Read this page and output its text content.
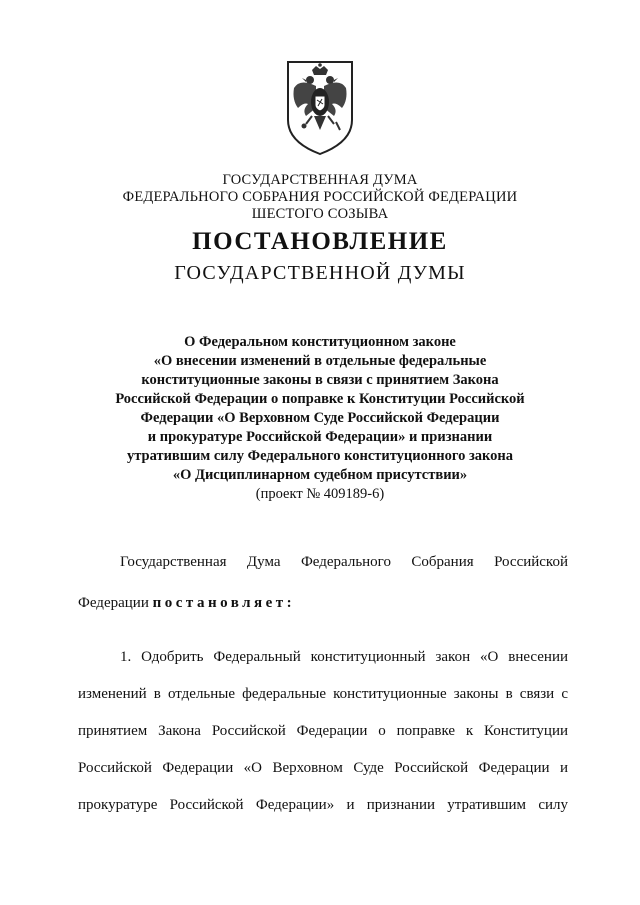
ГОСУДАРСТВЕННАЯ ДУМА
ФЕДЕРАЛЬНОГО СОБРАНИЯ РОССИЙСКОЙ ФЕДЕРАЦИИ
ШЕСТОГО СОЗЫВА
ПОСТАНОВЛЕНИЕ
ГОСУДАРСТВЕННОЙ ДУМЫ
О Федеральном конституционном законе
«О внесении изменений в отдельные федеральные
конституционные законы в связи с принятием Закона
Российской Федерации о поправке к Конституции Российской
Федерации «О Верховном Суде Российской Федерации
и прокуратуре Российской Федерации» и признании
утратившим силу Федерального конституционного закона
«О Дисциплинарном судебном присутствии»
(проект № 409189-6)
Государственная Дума Федерального Собрания Российской
Федерации постановляет:
1. Одобрить Федеральный конституционный закон «О внесении
изменений в отдельные федеральные конституционные законы в связи с
принятием Закона Российской Федерации о поправке к Конституции
Российской Федерации «О Верховном Суде Российской Федерации и
прокуратуре Российской Федерации» и признании утратившим силу
